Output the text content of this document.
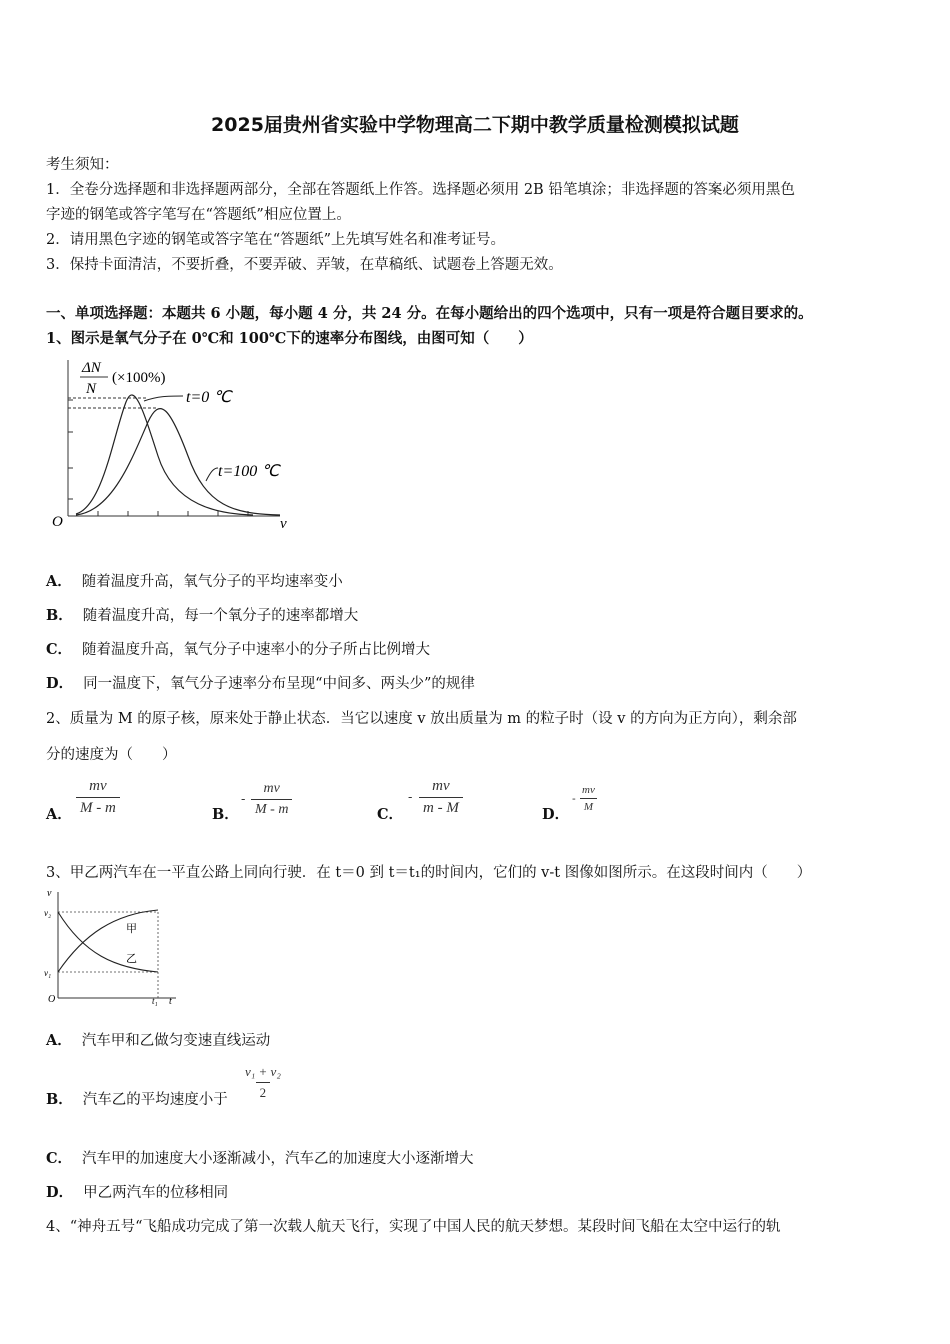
2025届贵州省实验中学物理高二下期中教学质量检测模拟试题
考生须知：
1．全卷分选择题和非选择题两部分，全部在答题纸上作答。选择题必须用 2B 铅笔填涂；非选择题的答案必须用黑色
字迹的钢笔或答字笔写在“答题纸”相应位置上。
2．请用黑色字迹的钢笔或答字笔在“答题纸”上先填写姓名和准考证号。
3．保持卡面清洁，不要折叠，不要弄破、弄皱，在草稿纸、试题卷上答题无效。
一、单项选择题：本题共 6 小题，每小题 4 分，共 24 分。在每小题给出的四个选项中，只有一项是符合题目要求的。
1、图示是氧气分子在 0℃和 100℃下的速率分布图线，由图可知（　　）
ΔN
N
(×100%)
t=0 ℃
t=100 ℃
O	v
A． 随着温度升高，氧气分子的平均速率变小
B． 随着温度升高，每一个氧分子的速率都增大
C． 随着温度升高，氧气分子中速率小的分子所占比例增大
D． 同一温度下，氧气分子速率分布呈现“中间多、两头少”的规律
2、质量为 M 的原子核，原来处于静止状态．当它以速度 v 放出质量为 m 的粒子时（设 v 的方向为正方向），剩余部
分的速度为（　　）
A． $\frac{mv}{M - m}$	B．
- $\frac{mv}{M - m}$	C．
- $\frac{mv}{m - M}$	D．
- $\frac{mv}{M}$
3、甲乙两汽车在一平直公路上同向行驶．在 t＝0 到 t＝t₁的时间内，它们的 v-t 图像如图所示。在这段时间内（　　）
v
v₂
v₁
O	t₁ t
甲
乙
A． 汽车甲和乙做匀变速直线运动
B． 汽车乙的平均速度小于 $\frac{\text{v₁ + v₂}}{2}$
C． 汽车甲的加速度大小逐渐减小，汽车乙的加速度大小逐渐增大
D． 甲乙两汽车的位移相同
4、“神舟五号“飞船成功完成了第一次载人航天飞行，实现了中国人民的航天梦想。某段时间飞船在太空中运行的轨
